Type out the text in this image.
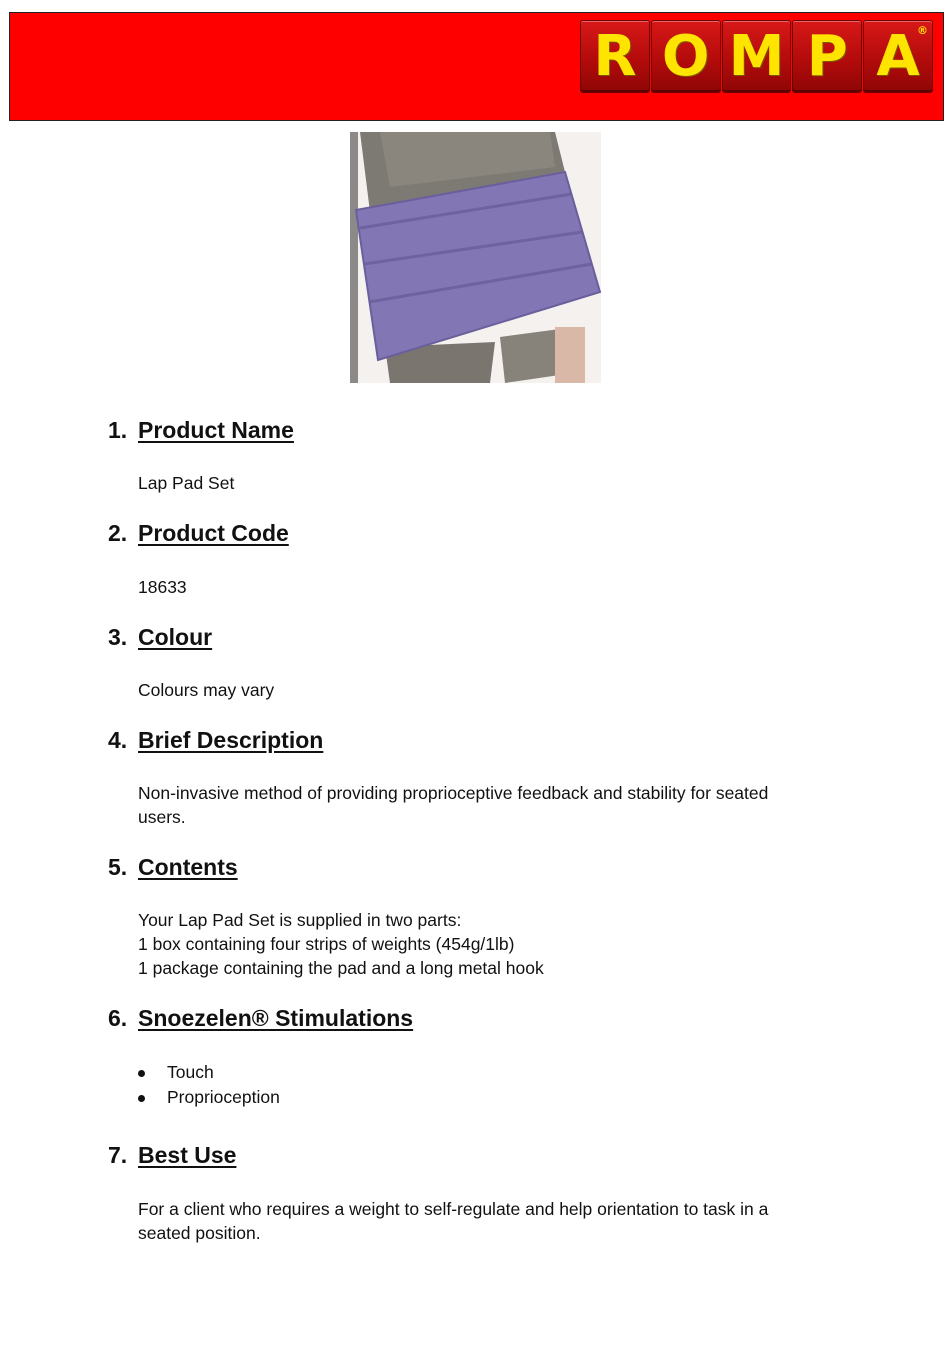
R O M P A
®
1. Product Name

Lap Pad Set

2. Product Code

18633

3. Colour

Colours may vary

4. Brief Description

Non-invasive method of providing proprioceptive feedback and stability for seated

users.

5. Contents

Your Lap Pad Set is supplied in two parts:

1 box containing four strips of weights (454g/1lb)

1 package containing the pad and a long metal hook

6. Snoezelen® Stimulations
Touch
Proprioception
7. Best Use

For a client who requires a weight to self-regulate and help orientation to task in a

seated position.
